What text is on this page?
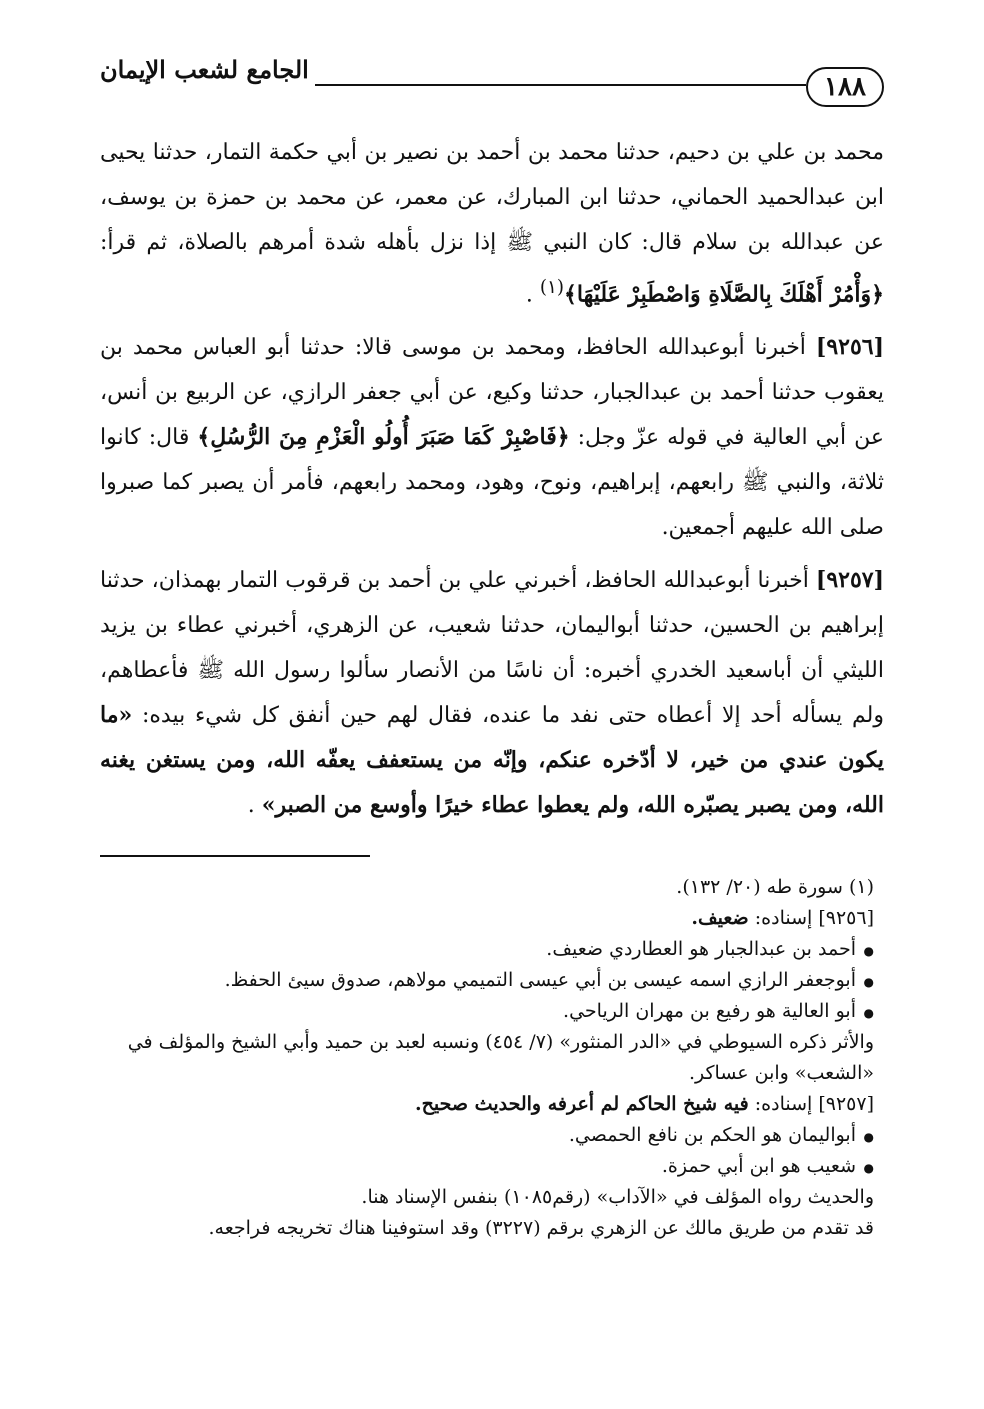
١٨٨
الجامع لشعب الإيمان

محمد بن علي بن دحيم، حدثنا محمد بن أحمد بن نصير بن أبي حكمة التمار، حدثنا يحيى ابن عبدالحميد الحماني، حدثنا ابن المبارك، عن معمر، عن محمد بن حمزة بن يوسف، عن عبدالله بن سلام قال: كان النبي ﷺ إذا نزل بأهله شدة أمرهم بالصلاة، ثم قرأ: ﴿وَأْمُرْ أَهْلَكَ بِالصَّلَاةِ وَاصْطَبِرْ عَلَيْهَا﴾$^{(١)}$ .

[٩٢٥٦] أخبرنا أبوعبدالله الحافظ، ومحمد بن موسى قالا: حدثنا أبو العباس محمد بن يعقوب حدثنا أحمد بن عبدالجبار، حدثنا وكيع، عن أبي جعفر الرازي، عن الربيع بن أنس، عن أبي العالية في قوله عزّ وجل: ﴿فَاصْبِرْ كَمَا صَبَرَ أُولُو الْعَزْمِ مِنَ الرُّسُلِ﴾ قال: كانوا ثلاثة، والنبي ﷺ رابعهم، إبراهيم، ونوح، وهود، ومحمد رابعهم، فأمر أن يصبر كما صبروا صلى الله عليهم أجمعين.

[٩٢٥٧] أخبرنا أبوعبدالله الحافظ، أخبرني علي بن أحمد بن قرقوب التمار بهمذان، حدثنا إبراهيم بن الحسين، حدثنا أبواليمان، حدثنا شعيب، عن الزهري، أخبرني عطاء بن يزيد الليثي أن أباسعيد الخدري أخبره: أن ناسًا من الأنصار سألوا رسول الله ﷺ فأعطاهم، ولم يسأله أحد إلا أعطاه حتى نفد ما عنده، فقال لهم حين أنفق كل شيء بيده: «ما يكون عندي من خير، لا أدّخره عنكم، وإنّه من يستعفف يعفّه الله، ومن يستغن يغنه الله، ومن يصبر يصبّره الله، ولم يعطوا عطاء خيرًا وأوسع من الصبر» .

(١) سورة طه (٢٠/ ١٣٢).

[٩٢٥٦] إسناده: ضعيف.

● أحمد بن عبدالجبار هو العطاردي ضعيف.

● أبوجعفر الرازي اسمه عيسى بن أبي عيسى التميمي مولاهم، صدوق سيئ الحفظ.

● أبو العالية هو رفيع بن مهران الرياحي.

والأثر ذكره السيوطي في «الدر المنثور» (٧/ ٤٥٤) ونسبه لعبد بن حميد وأبي الشيخ والمؤلف في «الشعب» وابن عساكر.

[٩٢٥٧] إسناده: فيه شيخ الحاكم لم أعرفه والحديث صحيح.

● أبواليمان هو الحكم بن نافع الحمصي.

● شعيب هو ابن أبي حمزة.

والحديث رواه المؤلف في «الآداب» (رقم١٠٨٥) بنفس الإسناد هنا.

قد تقدم من طريق مالك عن الزهري برقم (٣٢٢٧) وقد استوفينا هناك تخريجه فراجعه.
